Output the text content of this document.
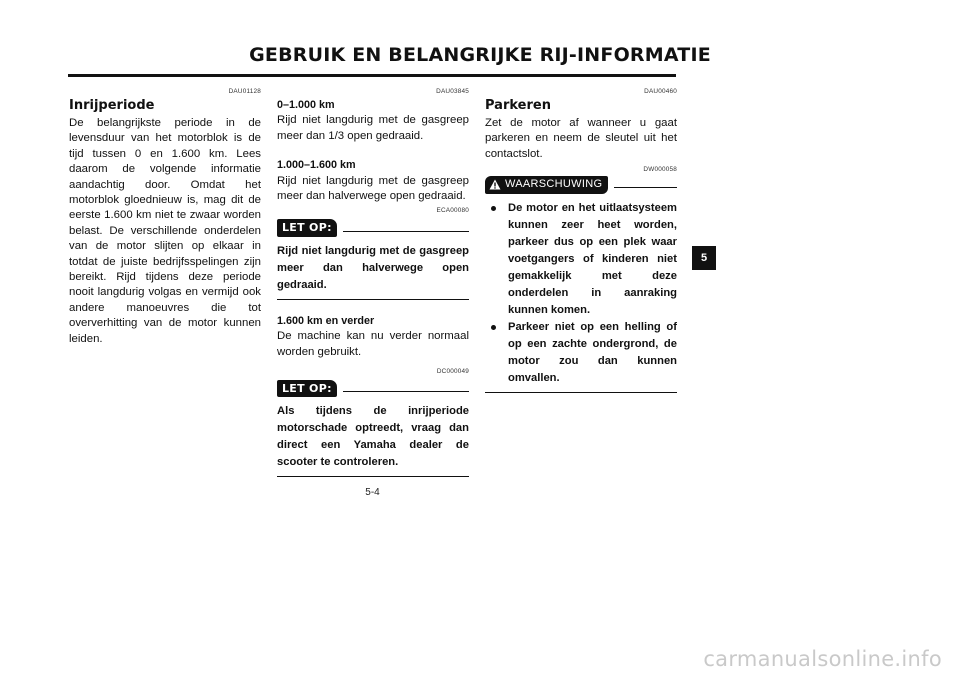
GEBRUIK EN BELANGRIJKE RIJ-INFORMATIE
DAU01128
Inrijperiode
De belangrijkste periode in de levensduur van het motorblok is de tijd tussen 0 en 1.600 km. Lees daarom de volgende informatie aandachtig door. Omdat het motorblok gloednieuw is, mag dit de eerste 1.600 km niet te zwaar worden belast. De verschillende onderdelen van de motor slijten op elkaar in totdat de juiste bedrijfsspelingen zijn bereikt. Rijd tijdens deze periode nooit langdurig volgas en vermijd ook andere manoeuvres die tot oververhitting van de motor kunnen leiden.
DAU03845
0–1.000 km
Rijd niet langdurig met de gasgreep meer dan 1/3 open gedraaid.
1.000–1.600 km
Rijd niet langdurig met de gasgreep meer dan halverwege open gedraaid.
ECA00080
LET OP:
Rijd niet langdurig met de gasgreep meer dan halverwege open gedraaid.
1.600 km en verder
De machine kan nu verder normaal worden gebruikt.
DC000049
LET OP:
Als tijdens de inrijperiode motorschade optreedt, vraag dan direct een Yamaha dealer de scooter te controleren.
DAU00460
Parkeren
Zet de motor af wanneer u gaat parkeren en neem de sleutel uit het contactslot.
DW000058
WAARSCHUWING
De motor en het uitlaatsysteem kunnen zeer heet worden, parkeer dus op een plek waar voetgangers of kinderen niet gemakkelijk met deze onderdelen in aanraking kunnen komen.
Parkeer niet op een helling of op een zachte ondergrond, de motor zou dan kunnen omvallen.
5-4
5
carmanualsonline.info
